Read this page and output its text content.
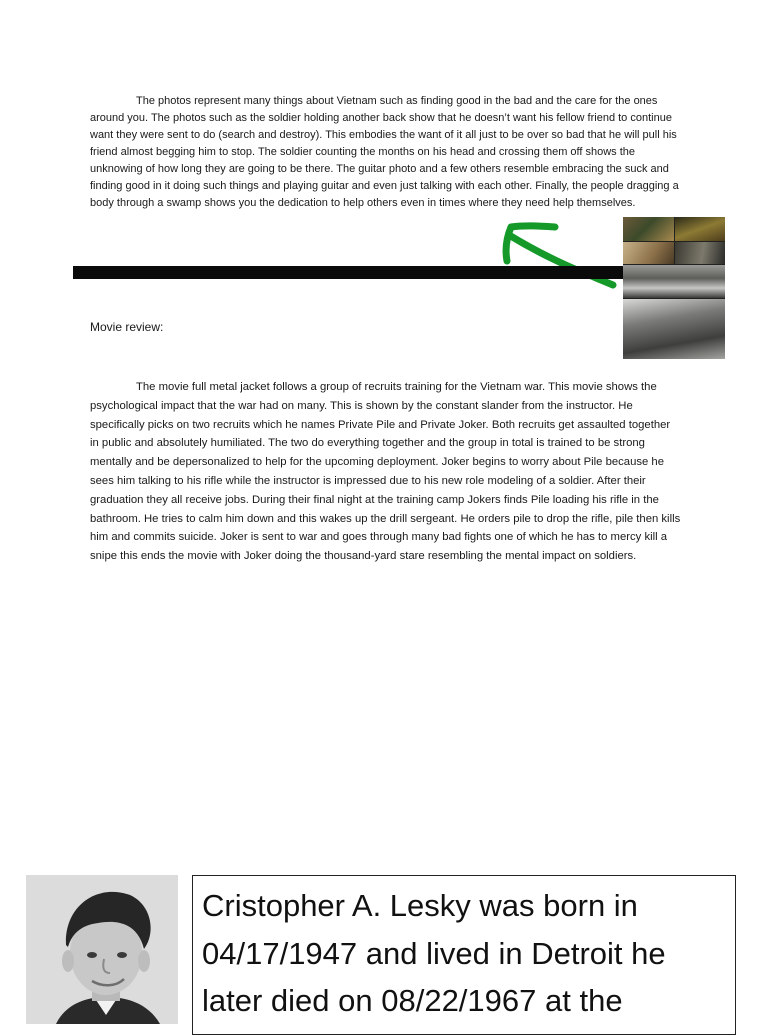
The photos represent many things about Vietnam such as finding good in the bad and the care for the ones around you. The photos such as the soldier holding another back show that he doesn’t want his fellow friend to continue want they were sent to do (search and destroy). This embodies the want of it all just to be over so bad that he will pull his friend almost begging him to stop. The soldier counting the months on his head and crossing them off shows the unknowing of how long they are going to be there. The guitar photo and a few others resemble embracing the suck and finding good in it doing such things and playing guitar and even just talking with each other. Finally, the people dragging a body through a swamp shows you the dedication to help others even in times where they need help themselves.

Movie review:

The movie full metal jacket follows a group of recruits training for the Vietnam war. This movie shows the psychological impact that the war had on many. This is shown by the constant slander from the instructor. He specifically picks on two recruits which he names Private Pile and Private Joker. Both recruits get assaulted together in public and absolutely humiliated. The two do everything together and the group in total is trained to be strong mentally and be depersonalized to help for the upcoming deployment. Joker begins to worry about Pile because he sees him talking to his rifle while the instructor is impressed due to his new role modeling of a soldier. After their graduation they all receive jobs. During their final night at the training camp Jokers finds Pile loading his rifle in the bathroom. He tries to calm him down and this wakes up the drill sergeant. He orders pile to drop the rifle, pile then kills him and commits suicide. Joker is sent to war and goes through many bad fights one of which he has to mercy kill a snipe this ends the movie with Joker doing the thousand-yard stare resembling the mental impact on soldiers.

Cristopher A. Lesky was born in 04/17/1947 and lived in Detroit he later died on 08/22/1967 at the
